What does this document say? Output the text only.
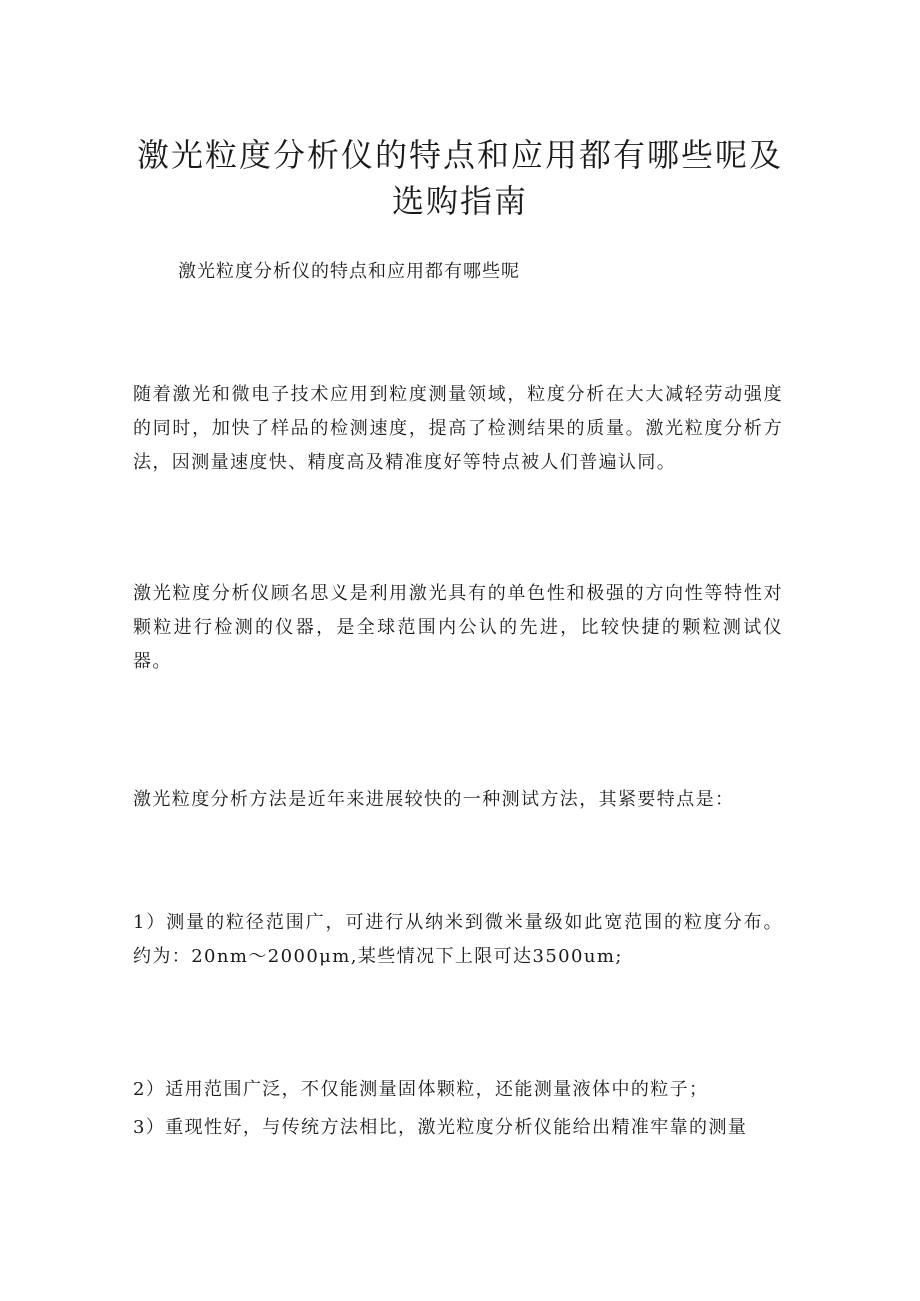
激光粒度分析仪的特点和应用都有哪些呢及选购指南

激光粒度分析仪的特点和应用都有哪些呢

随着激光和微电子技术应用到粒度测量领域，粒度分析在大大减轻劳动强度的同时，加快了样品的检测速度，提高了检测结果的质量。激光粒度分析方法，因测量速度快、精度高及精准度好等特点被人们普遍认同。

激光粒度分析仪顾名思义是利用激光具有的单色性和极强的方向性等特性对颗粒进行检测的仪器，是全球范围内公认的先进，比较快捷的颗粒测试仪器。

激光粒度分析方法是近年来进展较快的一种测试方法，其紧要特点是：

1）测量的粒径范围广，可进行从纳米到微米量级如此宽范围的粒度分布。约为：20nm～2000μm,某些情况下上限可达3500um;

2）适用范围广泛，不仅能测量固体颗粒，还能测量液体中的粒子；

3）重现性好，与传统方法相比，激光粒度分析仪能给出精准牢靠的测量
